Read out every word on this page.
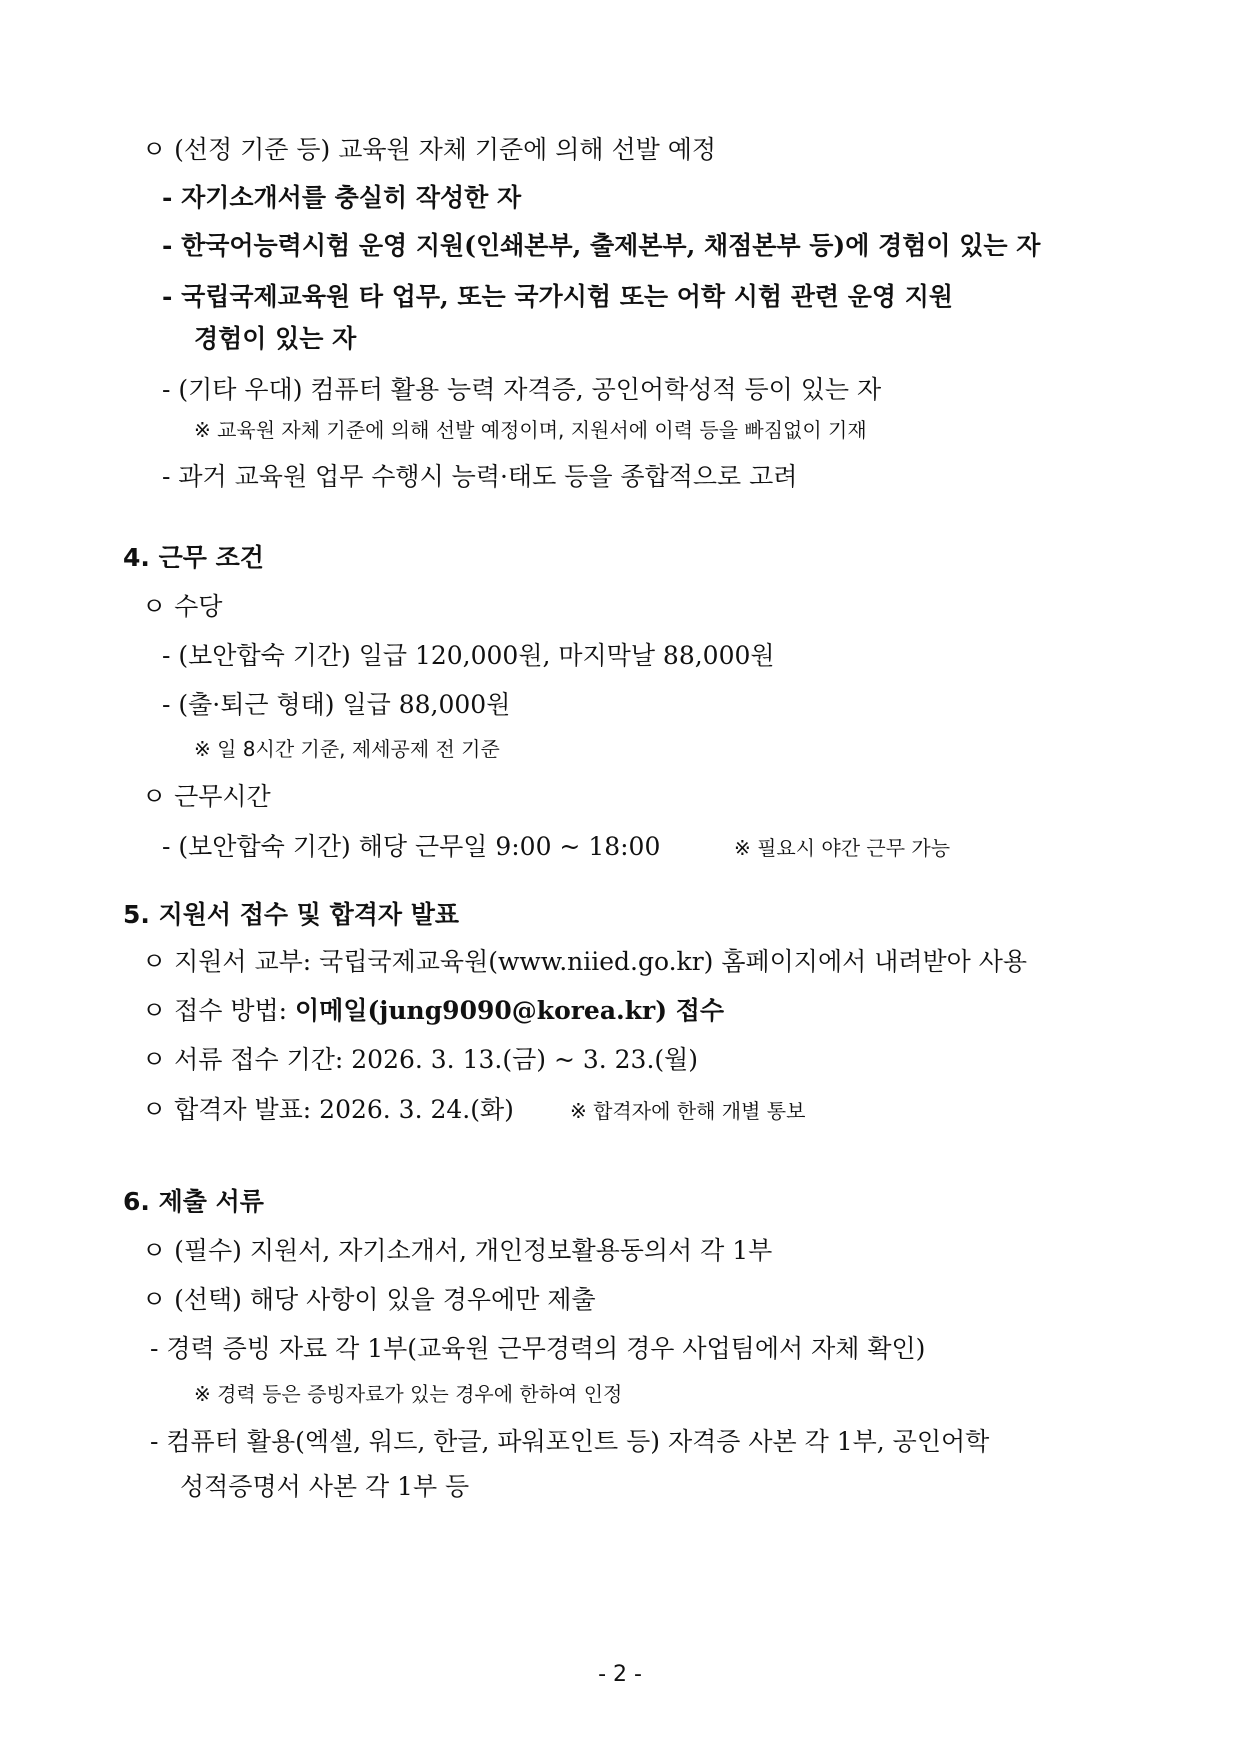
ㅇ (선정 기준 등) 교육원 자체 기준에 의해 선발 예정
- 자기소개서를 충실히 작성한 자
- 한국어능력시험 운영 지원(인쇄본부, 출제본부, 채점본부 등)에 경험이 있는 자
- 국립국제교육원 타 업무, 또는 국가시험 또는 어학 시험 관련 운영 지원
경험이 있는 자
- (기타 우대) 컴퓨터 활용 능력 자격증, 공인어학성적 등이 있는 자
※ 교육원 자체 기준에 의해 선발 예정이며, 지원서에 이력 등을 빠짐없이 기재
- 과거 교육원 업무 수행시 능력·태도 등을 종합적으로 고려
4. 근무 조건
ㅇ 수당
- (보안합숙 기간) 일급 120,000원, 마지막날 88,000원
- (출·퇴근 형태) 일급 88,000원
※ 일 8시간 기준, 제세공제 전 기준
ㅇ 근무시간
- (보안합숙 기간) 해당 근무일 9:00 ~ 18:00	※ 필요시 야간 근무 가능
5. 지원서 접수 및 합격자 발표
ㅇ 지원서 교부: 국립국제교육원(www.niied.go.kr) 홈페이지에서 내려받아 사용
ㅇ 접수 방법: 이메일(jung9090@korea.kr) 접수
ㅇ 서류 접수 기간: 2026. 3. 13.(금) ~ 3. 23.(월)
ㅇ 합격자 발표: 2026. 3. 24.(화)	※ 합격자에 한해 개별 통보
6. 제출 서류
ㅇ (필수) 지원서, 자기소개서, 개인정보활용동의서 각 1부
ㅇ (선택) 해당 사항이 있을 경우에만 제출
- 경력 증빙 자료 각 1부(교육원 근무경력의 경우 사업팀에서 자체 확인)
※ 경력 등은 증빙자료가 있는 경우에 한하여 인정
- 컴퓨터 활용(엑셀, 워드, 한글, 파워포인트 등) 자격증 사본 각 1부, 공인어학
성적증명서 사본 각 1부 등
- 2 -
